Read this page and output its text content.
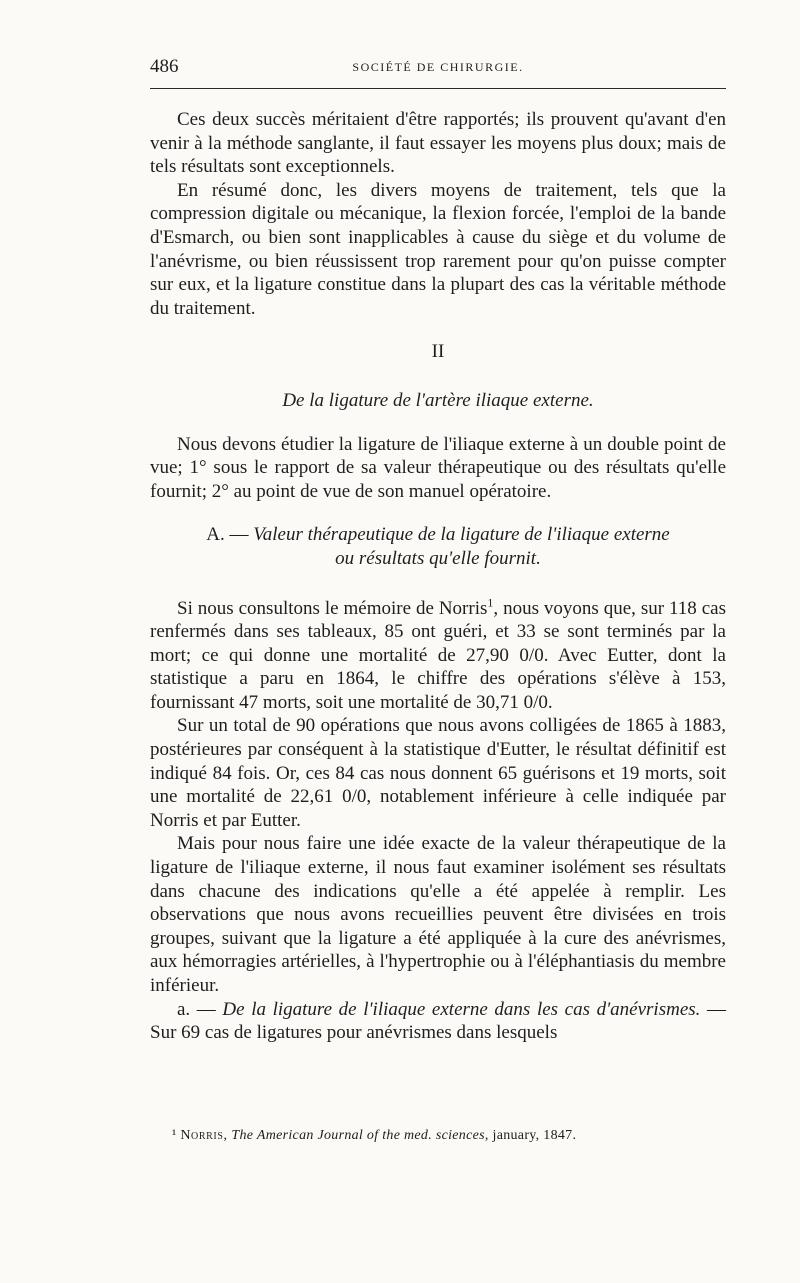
486	SOCIÉTÉ DE CHIRURGIE.

Ces deux succès méritaient d'être rapportés; ils prouvent qu'avant d'en venir à la méthode sanglante, il faut essayer les moyens plus doux; mais de tels résultats sont exceptionnels.

En résumé donc, les divers moyens de traitement, tels que la compression digitale ou mécanique, la flexion forcée, l'emploi de la bande d'Esmarch, ou bien sont inapplicables à cause du siège et du volume de l'anévrisme, ou bien réussissent trop rarement pour qu'on puisse compter sur eux, et la ligature constitue dans la plupart des cas la véritable méthode du traitement.

II

De la ligature de l'artère iliaque externe.

Nous devons étudier la ligature de l'iliaque externe à un double point de vue; 1° sous le rapport de sa valeur thérapeutique ou des résultats qu'elle fournit; 2° au point de vue de son manuel opératoire.

A. — Valeur thérapeutique de la ligature de l'iliaque externe
ou résultats qu'elle fournit.

Si nous consultons le mémoire de Norris$^1$, nous voyons que, sur 118 cas renfermés dans ses tableaux, 85 ont guéri, et 33 se sont terminés par la mort; ce qui donne une mortalité de 27,90 0/0. Avec Eutter, dont la statistique a paru en 1864, le chiffre des opérations s'élève à 153, fournissant 47 morts, soit une mortalité de 30,71 0/0.

Sur un total de 90 opérations que nous avons colligées de 1865 à 1883, postérieures par conséquent à la statistique d'Eutter, le résultat définitif est indiqué 84 fois. Or, ces 84 cas nous donnent 65 guérisons et 19 morts, soit une mortalité de 22,61 0/0, notablement inférieure à celle indiquée par Norris et par Eutter.

Mais pour nous faire une idée exacte de la valeur thérapeutique de la ligature de l'iliaque externe, il nous faut examiner isolément ses résultats dans chacune des indications qu'elle a été appelée à remplir. Les observations que nous avons recueillies peuvent être divisées en trois groupes, suivant que la ligature a été appliquée à la cure des anévrismes, aux hémorragies artérielles, à l'hypertrophie ou à l'éléphantiasis du membre inférieur.

a. — De la ligature de l'iliaque externe dans les cas d'anévrismes. — Sur 69 cas de ligatures pour anévrismes dans lesquels

¹ Norris, The American Journal of the med. sciences, january, 1847.
